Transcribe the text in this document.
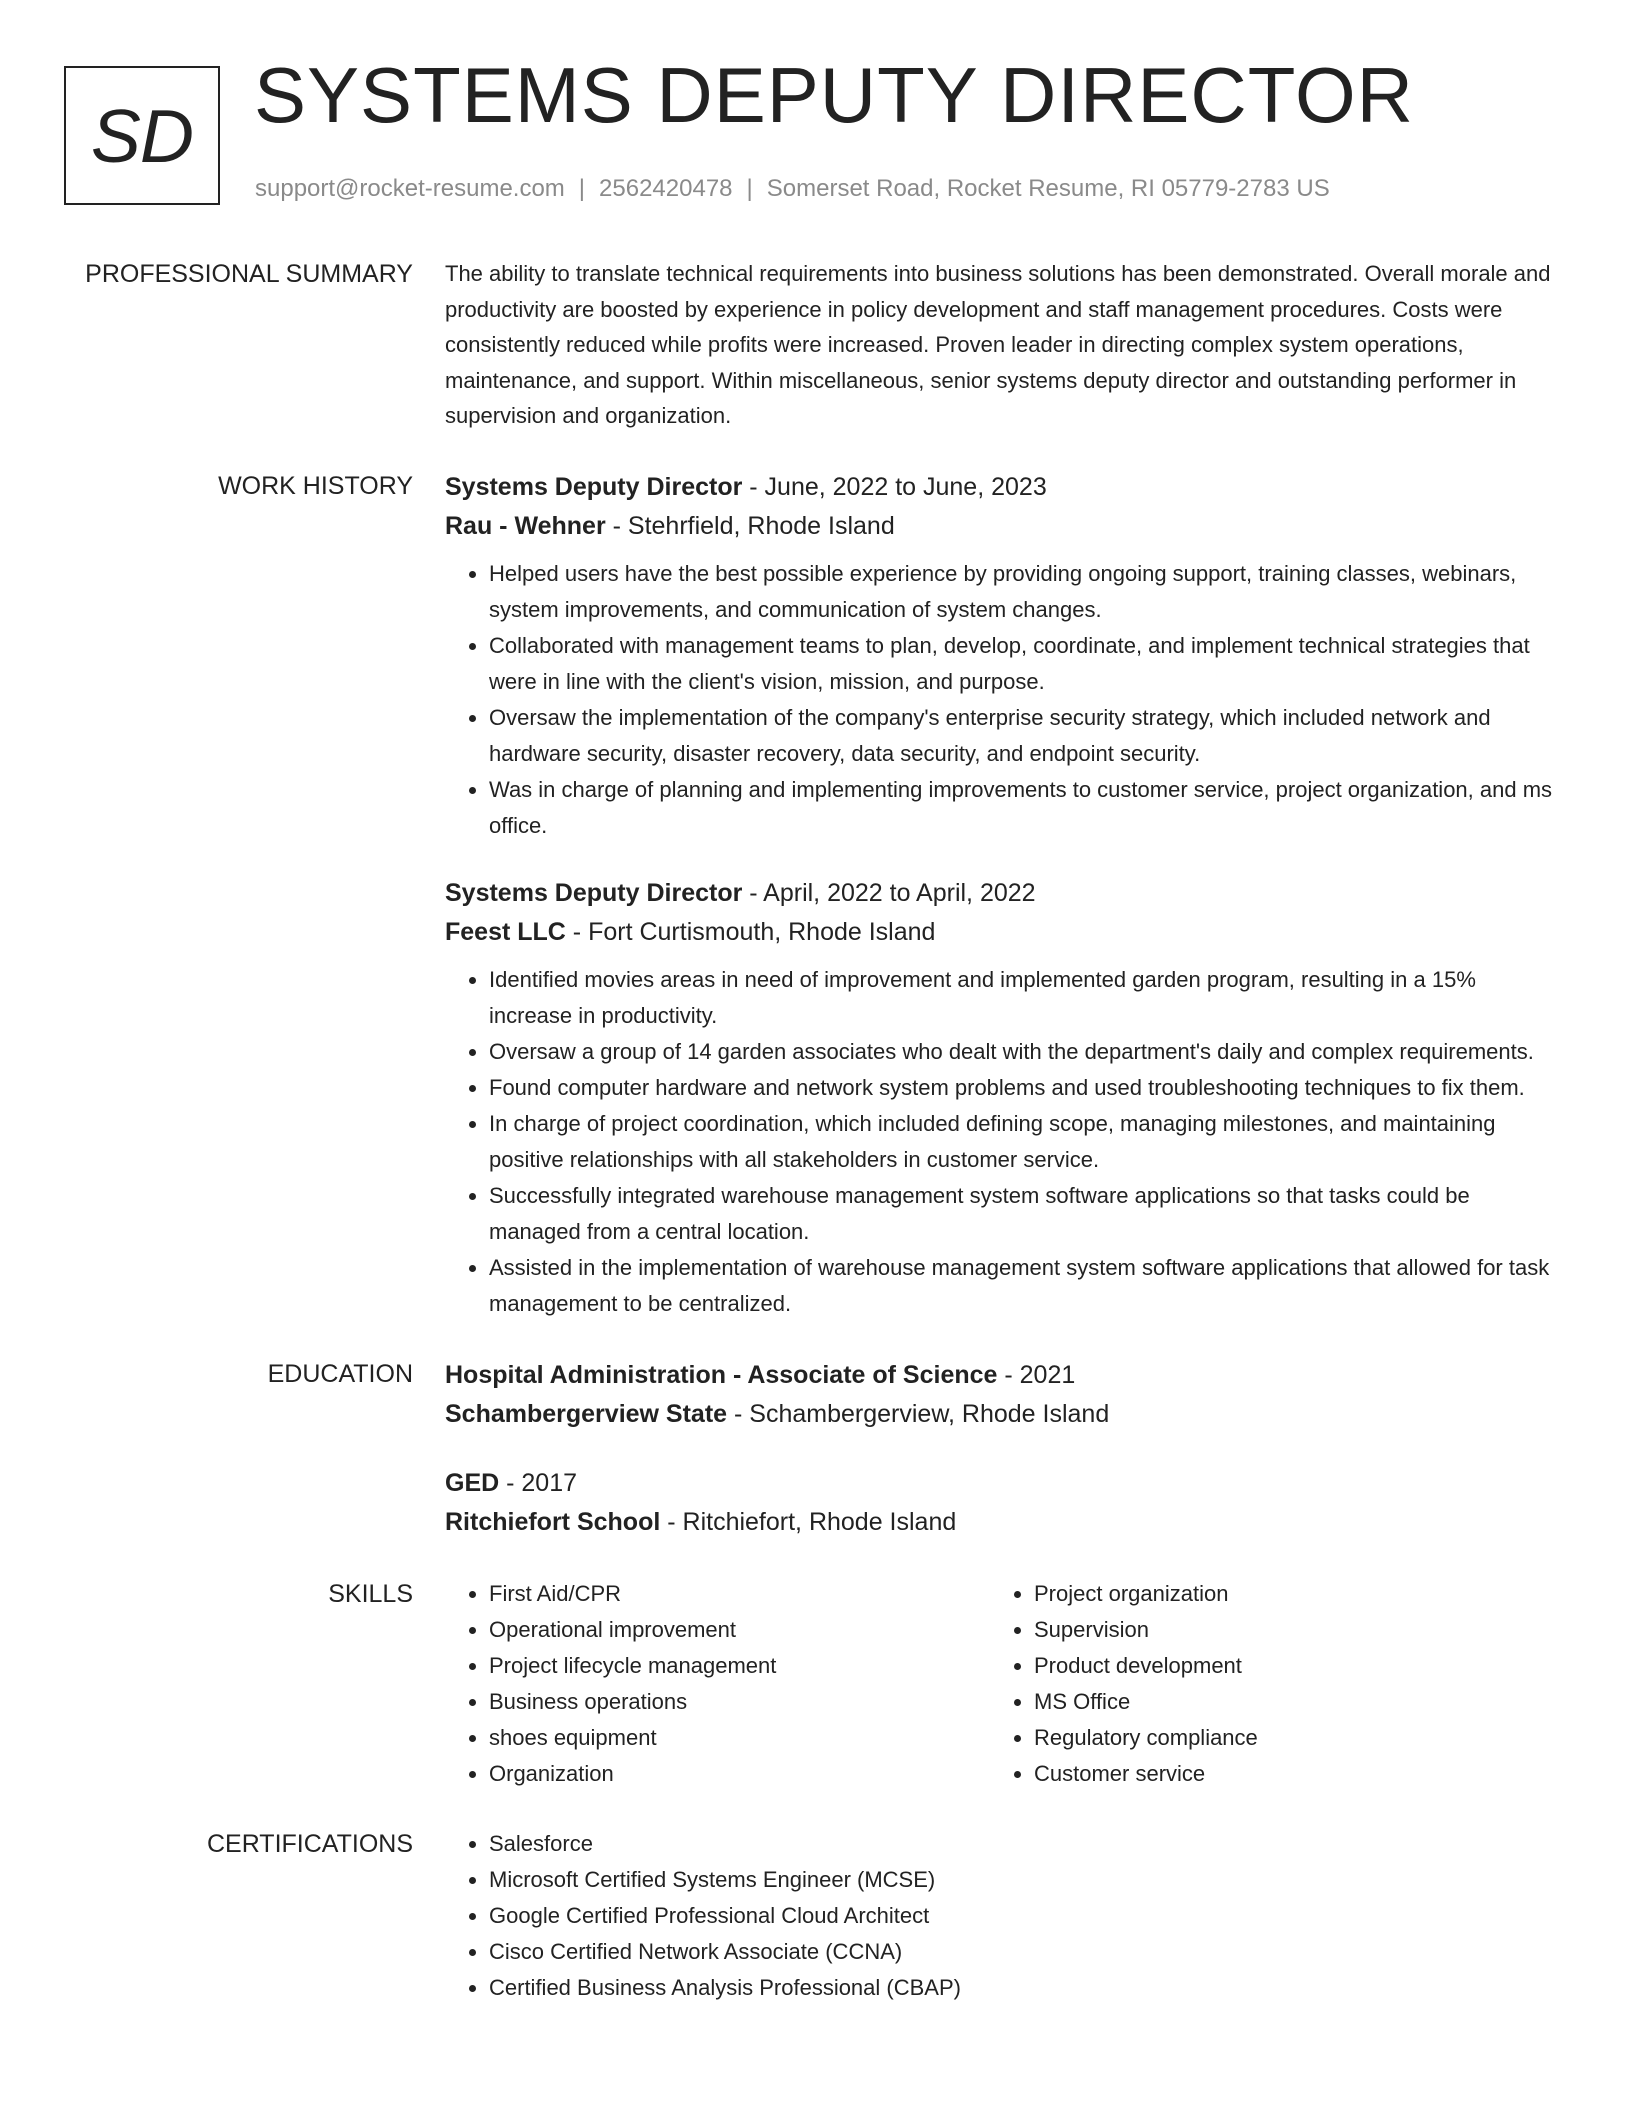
SD SYSTEMS DEPUTY DIRECTOR
support@rocket-resume.com | 2562420478 | Somerset Road, Rocket Resume, RI 05779-2783 US
PROFESSIONAL SUMMARY The ability to translate technical requirements into business solutions has been demonstrated. Overall morale and productivity are boosted by experience in policy development and staff management procedures. Costs were consistently reduced while profits were increased. Proven leader in directing complex system operations, maintenance, and support. Within miscellaneous, senior systems deputy director and outstanding performer in supervision and organization.

WORK HISTORY Systems Deputy Director - June, 2022 to June, 2023
Rau - Wehner - Stehrfield, Rhode Island
• Helped users have the best possible experience by providing ongoing support, training classes, webinars, system improvements, and communication of system changes.
• Collaborated with management teams to plan, develop, coordinate, and implement technical strategies that were in line with the client's vision, mission, and purpose.
• Oversaw the implementation of the company's enterprise security strategy, which included network and hardware security, disaster recovery, data security, and endpoint security.
• Was in charge of planning and implementing improvements to customer service, project organization, and ms office.
Systems Deputy Director - April, 2022 to April, 2022
Feest LLC - Fort Curtismouth, Rhode Island
• Identified movies areas in need of improvement and implemented garden program, resulting in a 15% increase in productivity.
• Oversaw a group of 14 garden associates who dealt with the department's daily and complex requirements.
• Found computer hardware and network system problems and used troubleshooting techniques to fix them.
• In charge of project coordination, which included defining scope, managing milestones, and maintaining positive relationships with all stakeholders in customer service.
• Successfully integrated warehouse management system software applications so that tasks could be managed from a central location.
• Assisted in the implementation of warehouse management system software applications that allowed for task management to be centralized.
EDUCATION Hospital Administration - Associate of Science - 2021
Schambergerview State - Schambergerview, Rhode Island
GED - 2017
Ritchiefort School - Ritchiefort, Rhode Island
SKILLS	• First Aid/CPR
• Operational improvement
• Project lifecycle management
• Business operations
• shoes equipment
• Organization
• Project organization
• Supervision
• Product development
• MS Office
• Regulatory compliance
• Customer service
CERTIFICATIONS	• Salesforce
• Microsoft Certified Systems Engineer (MCSE)
• Google Certified Professional Cloud Architect
• Cisco Certified Network Associate (CCNA)
• Certified Business Analysis Professional (CBAP)
